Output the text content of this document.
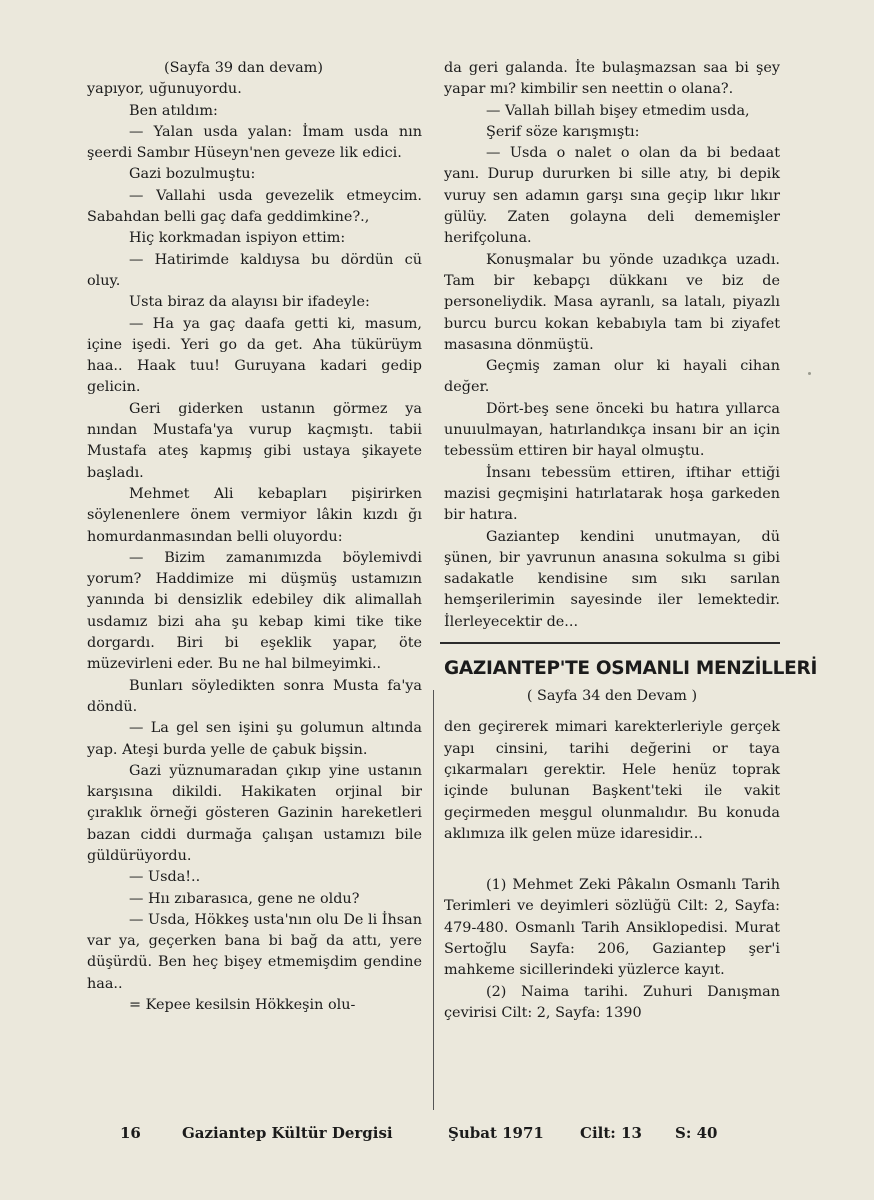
(Sayfa 39 dan devam)

yapıyor, uğunuyordu.

Ben atıldım:

— Yalan usda yalan: İmam usda nın şeerdi Sambır Hüseyn'nen geveze lik edici.

Gazi bozulmuştu:

— Vallahi usda gevezelik etmeycim. Sabahdan belli gaç dafa geddimkine?.,

Hiç korkmadan ispiyon ettim:

— Hatirimde kaldıysa bu dördün cü oluy.

Usta biraz da alayısı bir ifadeyle:

— Ha ya gaç daafa getti ki, masum, içine işedi. Yeri go da get. Aha tükürüym haa.. Haak tuu! Guruyana kadari gedip gelicin.

Geri giderken ustanın görmez ya nından Mustafa'ya vurup kaçmıştı. tabii Mustafa ateş kapmış gibi ustaya şikayete başladı.

Mehmet Ali kebapları pişirirken söylenenlere önem vermiyor lâkin kızdı ğı homurdanmasından belli oluyordu:

— Bizim zamanımızda böylemivdi yorum? Haddimize mi düşmüş ustamızın yanında bi densizlik edebiley dik alimallah usdamız bizi aha şu kebap kimi tike tike dorgardı. Biri bi eşeklik yapar, öte müzevirleni eder. Bu ne hal bilmeyimki..

Bunları söyledikten sonra Musta fa'ya döndü.

— La gel sen işini şu golumun altında yap. Ateşi burda yelle de çabuk bişsin.

Gazi yüznumaradan çıkıp yine ustanın karşısına dikildi. Hakikaten orjinal bir çıraklık örneği gösteren Gazinin hareketleri bazan ciddi durmağa çalışan ustamızı bile güldürüyordu.

— Usda!..

— Hıı zıbarasıca, gene ne oldu?

— Usda, Hökkeş usta'nın olu De li İhsan var ya, geçerken bana bi bağ da attı, yere düşürdü. Ben heç bişey etmemişdim gendine haa..

= Kepee kesilsin Hökkeşin olu-

da geri galanda. İte bulaşmazsan saa bi şey yapar mı? kimbilir sen neettin o olana?.

— Vallah billah bişey etmedim usda,

Şerif söze karışmıştı:

— Usda o nalet o olan da bi bedaat yanı. Durup dururken bi sille atıy, bi depik vuruy sen adamın garşı sına geçip lıkır lıkır gülüy. Zaten golayna deli dememişler herifçoluna.

Konuşmalar bu yönde uzadıkça uzadı. Tam bir kebapçı dükkanı ve biz de personeliydik. Masa ayranlı, sa latalı, piyazlı burcu burcu kokan kebabıyla tam bi ziyafet masasına dönmüştü.

Geçmiş zaman olur ki hayali cihan değer.

Dört-beş sene önceki bu hatıra yıllarca unuıulmayan, hatırlandıkça insanı bir an için tebessüm ettiren bir hayal olmuştu.

İnsanı tebessüm ettiren, iftihar ettiği mazisi geçmişini hatırlatarak hoşa garkeden bir hatıra.

Gaziantep kendini unutmayan, dü şünen, bir yavrunun anasına sokulma sı gibi sadakatle kendisine sım sıkı sarılan hemşerilerimin sayesinde iler lemektedir. İlerleyecektir de...

GAZIANTEP'TE OSMANLI MENZİLLERİ
( Sayfa 34 den Devam )

den geçirerek mimari karekterleriyle gerçek yapı cinsini, tarihi değerini or taya çıkarmaları gerektir. Hele henüz toprak içinde bulunan Başkent'teki ile vakit geçirmeden meşgul olunmalıdır. Bu konuda aklımıza ilk gelen müze idaresidir...

(1) Mehmet Zeki Pâkalın Osmanlı Tarih Terimleri ve deyimleri sözlüğü Cilt: 2, Sayfa: 479-480. Osmanlı Tarih Ansiklopedisi. Murat Sertoğlu Sayfa: 206, Gaziantep şer'i mahkeme sicillerindeki yüzlerce kayıt.

(2) Naima tarihi. Zuhuri Danışman çevirisi Cilt: 2, Sayfa: 1390

16	Gaziantep Kültür Dergisi	Şubat 1971 Cilt: 13 S: 40
